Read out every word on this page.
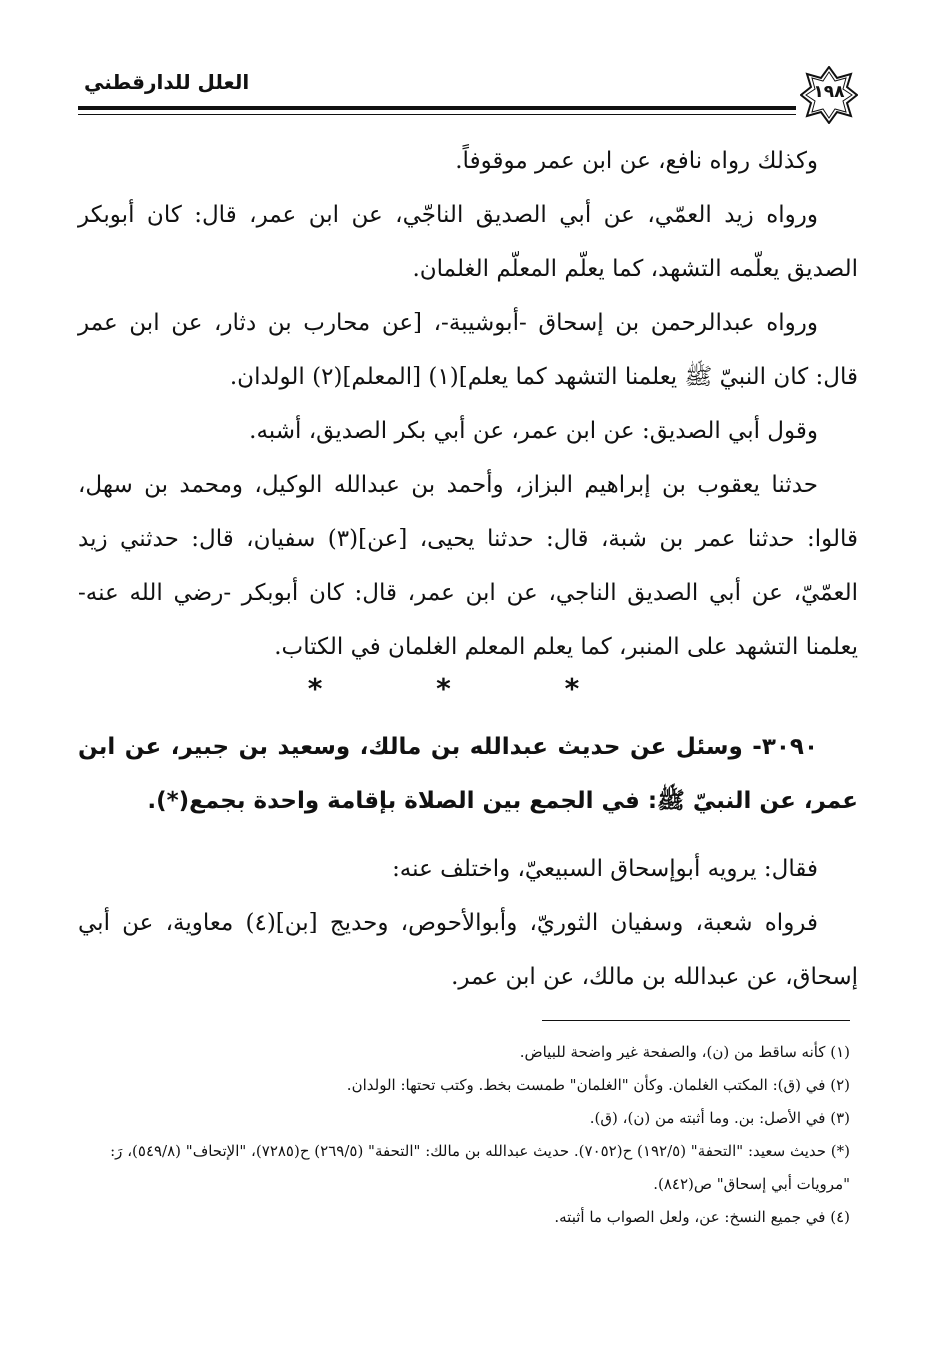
١٩٨
العلل للدارقطني

وكذلك رواه نافع، عن ابن عمر موقوفاً.

ورواه زيد العمّي، عن أبي الصديق الناجّي، عن ابن عمر، قال: كان أبوبكر الصديق يعلّمه التشهد، كما يعلّم المعلّم الغلمان.

ورواه عبدالرحمن بن إسحاق -أبوشيبة-، [عن محارب بن دثار، عن ابن عمر قال: كان النبيّ ﷺ يعلمنا التشهد كما يعلم](١) [المعلم](٢) الولدان.

وقول أبي الصديق: عن ابن عمر، عن أبي بكر الصديق، أشبه.

حدثنا يعقوب بن إبراهيم البزاز، وأحمد بن عبدالله الوكيل، ومحمد بن سهل، قالوا: حدثنا عمر بن شبة، قال: حدثنا يحيى، [عن](٣) سفيان، قال: حدثني زيد العمّيّ، عن أبي الصديق الناجي، عن ابن عمر، قال: كان أبوبكر -رضي الله عنه- يعلمنا التشهد على المنبر، كما يعلم المعلم الغلمان في الكتاب.

* * *

٣٠٩٠- وسئل عن حديث عبدالله بن مالك، وسعيد بن جبير، عن ابن عمر، عن النبيّ ﷺ: في الجمع بين الصلاة بإقامة واحدة بجمع(*).

فقال: يرويه أبوإسحاق السبيعيّ، واختلف عنه:

فرواه شعبة، وسفيان الثوريّ، وأبوالأحوص، وحديج [بن](٤) معاوية، عن أبي إسحاق، عن عبدالله بن مالك، عن ابن عمر.

(١) كأنه ساقط من (ن)، والصفحة غير واضحة للبياض.

(٢) في (ق): المكتب الغلمان. وكأن "الغلمان" طمست بخط. وكتب تحتها: الولدان.

(٣) في الأصل: بن. وما أثبته من (ن)، (ق).

(*) حديث سعيد: "التحفة" (١٩٢/٥) ح(٧٠٥٢). حديث عبدالله بن مالك: "التحفة" (٢٦٩/٥) ح(٧٢٨٥)، "الإتحاف" (٥٤٩/٨)، رَ: "مرويات أبي إسحاق" ص(٨٤٢).

(٤) في جميع النسخ: عن، ولعل الصواب ما أثبته.
